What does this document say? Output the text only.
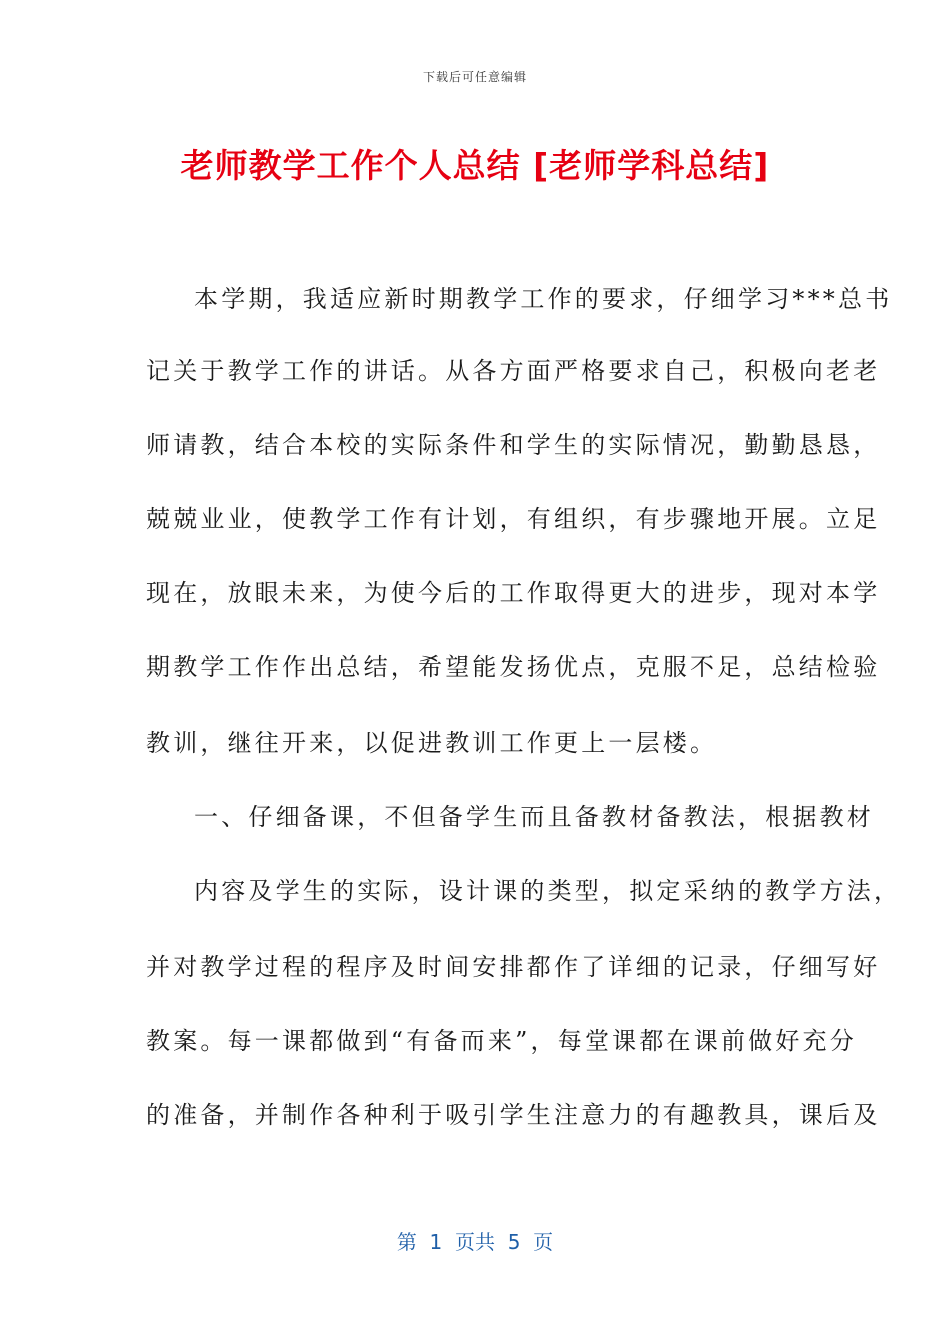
下载后可任意编辑
老师教学工作个人总结 [老师学科总结]
本学期，我适应新时期教学工作的要求，仔细学习***总书
记关于教学工作的讲话。从各方面严格要求自己，积极向老老
师请教，结合本校的实际条件和学生的实际情况，勤勤恳恳，
兢兢业业，使教学工作有计划，有组织，有步骤地开展。立足
现在，放眼未来，为使今后的工作取得更大的进步，现对本学
期教学工作作出总结，希望能发扬优点，克服不足，总结检验
教训，继往开来，以促进教训工作更上一层楼。
一、仔细备课，不但备学生而且备教材备教法，根据教材
内容及学生的实际，设计课的类型，拟定采纳的教学方法，
并对教学过程的程序及时间安排都作了详细的记录，仔细写好
教案。每一课都做到“有备而来”，每堂课都在课前做好充分
的准备，并制作各种利于吸引学生注意力的有趣教具，课后及
第  1  页共  5  页
